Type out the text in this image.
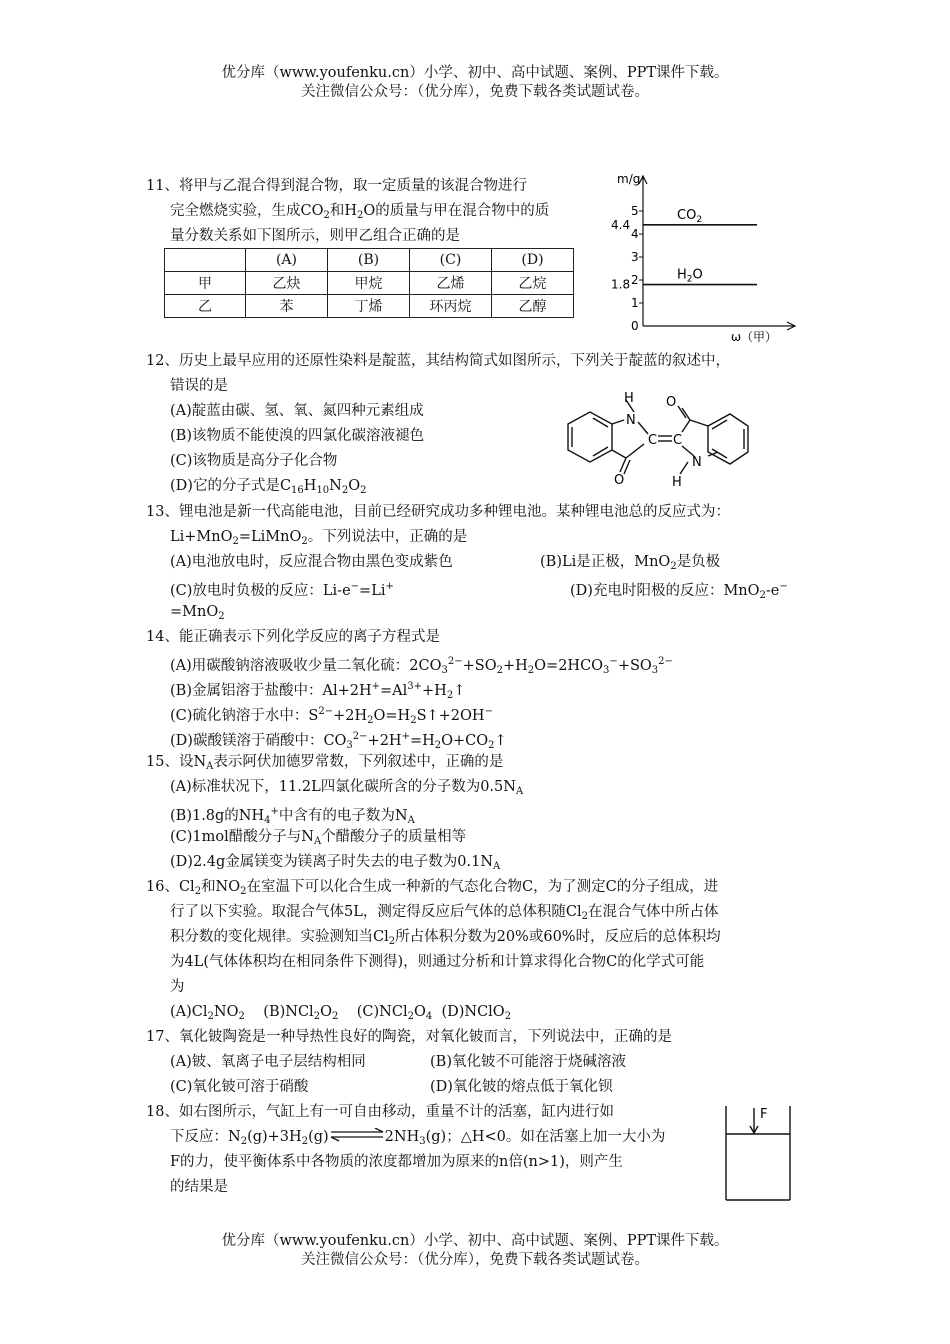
优分库（www.youfenku.cn）小学、初中、高中试题、案例、PPT课件下载。
关注微信公众号：（优分库），免费下载各类试题试卷。
11、将甲与乙混合得到混合物，取一定质量的该混合物进行
完全燃烧实验，生成$CO_2$和$H_2O$的质量与甲在混合物中的质
量分数关系如下图所示，则甲乙组合正确的是
	(A)	(B)	(C)	(D)
甲	乙炔	甲烷	乙烯	乙烷
乙	苯	丁烯	环丙烷	乙醇
m/g
ω（甲）
0
1
2
3
4
5
4.4
1.8
$CO_2$
$H_2O$
12、历史上最早应用的还原性染料是靛蓝，其结构简式如图所示，下列关于靛蓝的叙述中，
错误的是
(A)靛蓝由碳、氢、氧、氮四种元素组成
(B)该物质不能使溴的四氯化碳溶液褪色
(C)该物质是高分子化合物
(D)它的分子式是$C_{16}H_{10}N_2O_2$
N
H
C C
O
O
N
H
13、锂电池是新一代高能电池，目前已经研究成功多种锂电池。某种锂电池总的反应式为：
Li+MnO$_2$=LiMnO$_2$。下列说法中，正确的是
(A)电池放电时，反应混合物由黑色变成紫色	(B)Li是正极，MnO$_2$是负极
(C)放电时负极的反应：Li-e−=Li+	(D)充电时阳极的反应：MnO$_2$-e−
=MnO$_2$
14、能正确表示下列化学反应的离子方程式是
(A)用碳酸钠溶液吸收少量二氧化硫：$2CO_3^{2-}+SO_2+H_2O=2HCO_3^-+SO_3^{2-}$
(B)金属铝溶于盐酸中：$Al+2H^+=Al^{3+}+H_2↑$
(C)硫化钠溶于水中：$S^{2-}+2H_2O=H_2S↑+2OH^-$
(D)碳酸镁溶于硝酸中：$CO_3^{2-}+2H^+=H_2O+CO_2↑$
15、设$N_A$表示阿伏加德罗常数，下列叙述中，正确的是
(A)标准状况下，11.2L四氯化碳所含的分子数为$0.5N_A$
(B)1.8g的$NH_4^+$中含有的电子数为$N_A$
(C)1mol醋酸分子与$N_A$个醋酸分子的质量相等
(D)2.4g金属镁变为镁离子时失去的电子数为$0.1N_A$
16、$Cl_2$和$NO_2$在室温下可以化合生成一种新的气态化合物C，为了测定C的分子组成，进
行了以下实验。取混合气体5L，测定得反应后气体的总体积随$Cl_2$在混合气体中所占体
积分数的变化规律。实验测知当$Cl_2$所占体积分数为20%或60%时，反应后的总体积均
为4L(气体体积均在相同条件下测得)，则通过分析和计算求得化合物C的化学式可能
为
$(A)Cl_2NO_2$ $(B)NCl_2O_2$ $(C)NCl_2O_4$ (D)NClO$_2$
17、氧化铍陶瓷是一种导热性良好的陶瓷，对氧化铍而言，下列说法中，正确的是
(A)铍、氧离子电子层结构相同	(B)氧化铍不可能溶于烧碱溶液
(C)氧化铍可溶于硝酸	(D)氧化铍的熔点低于氧化钡
18、如右图所示，气缸上有一可自由移动，重量不计的活塞，缸内进行如
下反应：$N_2(g)+3H_2(g)\rightleftharpoons 2NH_3(g)$；△H<0。如在活塞上加一大小为
F的力，使平衡体系中各物质的浓度都增加为原来的n倍(n>1)，则产生
的结果是
F
优分库（www.youfenku.cn）小学、初中、高中试题、案例、PPT课件下载。
关注微信公众号：（优分库），免费下载各类试题试卷。
